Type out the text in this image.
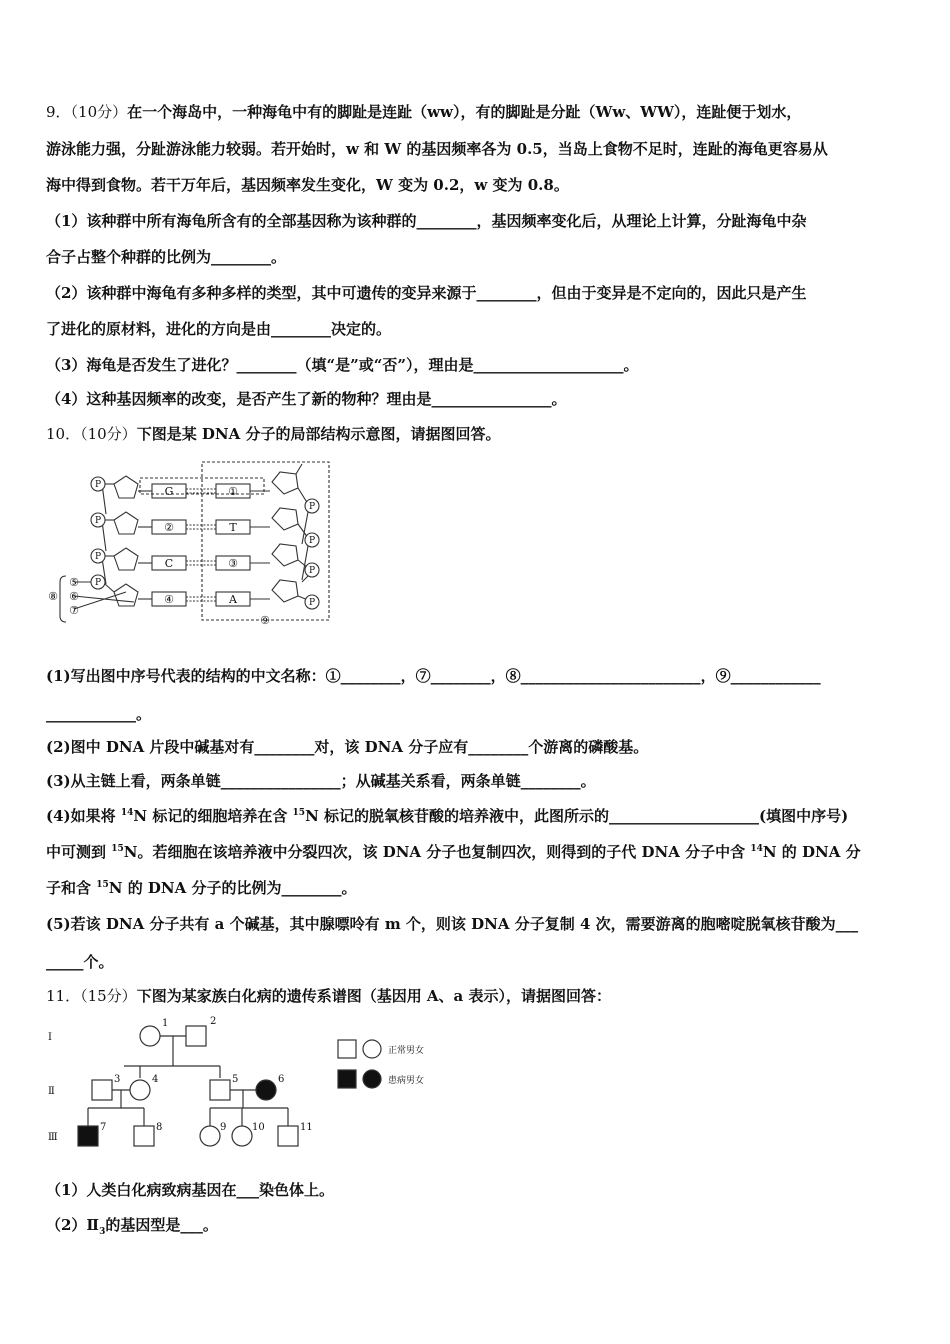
9．（10分）在一个海岛中，一种海龟中有的脚趾是连趾（ww），有的脚趾是分趾（Ww、WW），连趾便于划水，
游泳能力强，分趾游泳能力较弱。若开始时，w 和 W 的基因频率各为 0.5，当岛上食物不足时，连趾的海龟更容易从
海中得到食物。若干万年后，基因频率发生变化，W 变为 0.2，w 变为 0.8。
（1）该种群中所有海龟所含有的全部基因称为该种群的________，基因频率变化后，从理论上计算，分趾海龟中杂
合子占整个种群的比例为________。
（2）该种群中海龟有多种多样的类型，其中可遗传的变异来源于________，但由于变异是不定向的，因此只是产生
了进化的原材料，进化的方向是由________决定的。
（3）海龟是否发生了进化？________（填“是”或“否”），理由是____________________。
（4）这种基因频率的改变，是否产生了新的物种？理由是________________。
10．（10分）下图是某 DNA 分子的局部结构示意图，请据图回答。
P
P
P
P
P
P
P
P
G
②
C
④
①
T
③
A
⑤
⑥
⑦
⑧
⑨
(1)写出图中序号代表的结构的中文名称：①________，⑦________，⑧________________________，⑨____________
____________。
(2)图中 DNA 片段中碱基对有________对，该 DNA 分子应有________个游离的磷酸基。
(3)从主链上看，两条单链________________；从碱基关系看，两条单链________。
(4)如果将 $^{14}$N 标记的细胞培养在含 $^{15}$N 标记的脱氧核苷酸的培养液中，此图所示的____________________(填图中序号)
中可测到 $^{15}$N。若细胞在该培养液中分裂四次，该 DNA 分子也复制四次，则得到的子代 DNA 分子中含 $^{14}$N 的 DNA 分
子和含 $^{15}$N 的 DNA 分子的比例为________。
(5)若该 DNA 分子共有 a 个碱基，其中腺嘌呤有 m 个，则该 DNA 分子复制 4 次，需要游离的胞嘧啶脱氧核苷酸为___
_____个。
11．（15分）下图为某家族白化病的遗传系谱图（基因用 A、a 表示），请据图回答：
Ⅰ
Ⅱ
Ⅲ
1	2
3	4	5	6
7	8	9	10	11
正常男女
患病男女
（1）人类白化病致病基因在___染色体上。
$(2)Ⅱ_3$的基因型是___。
